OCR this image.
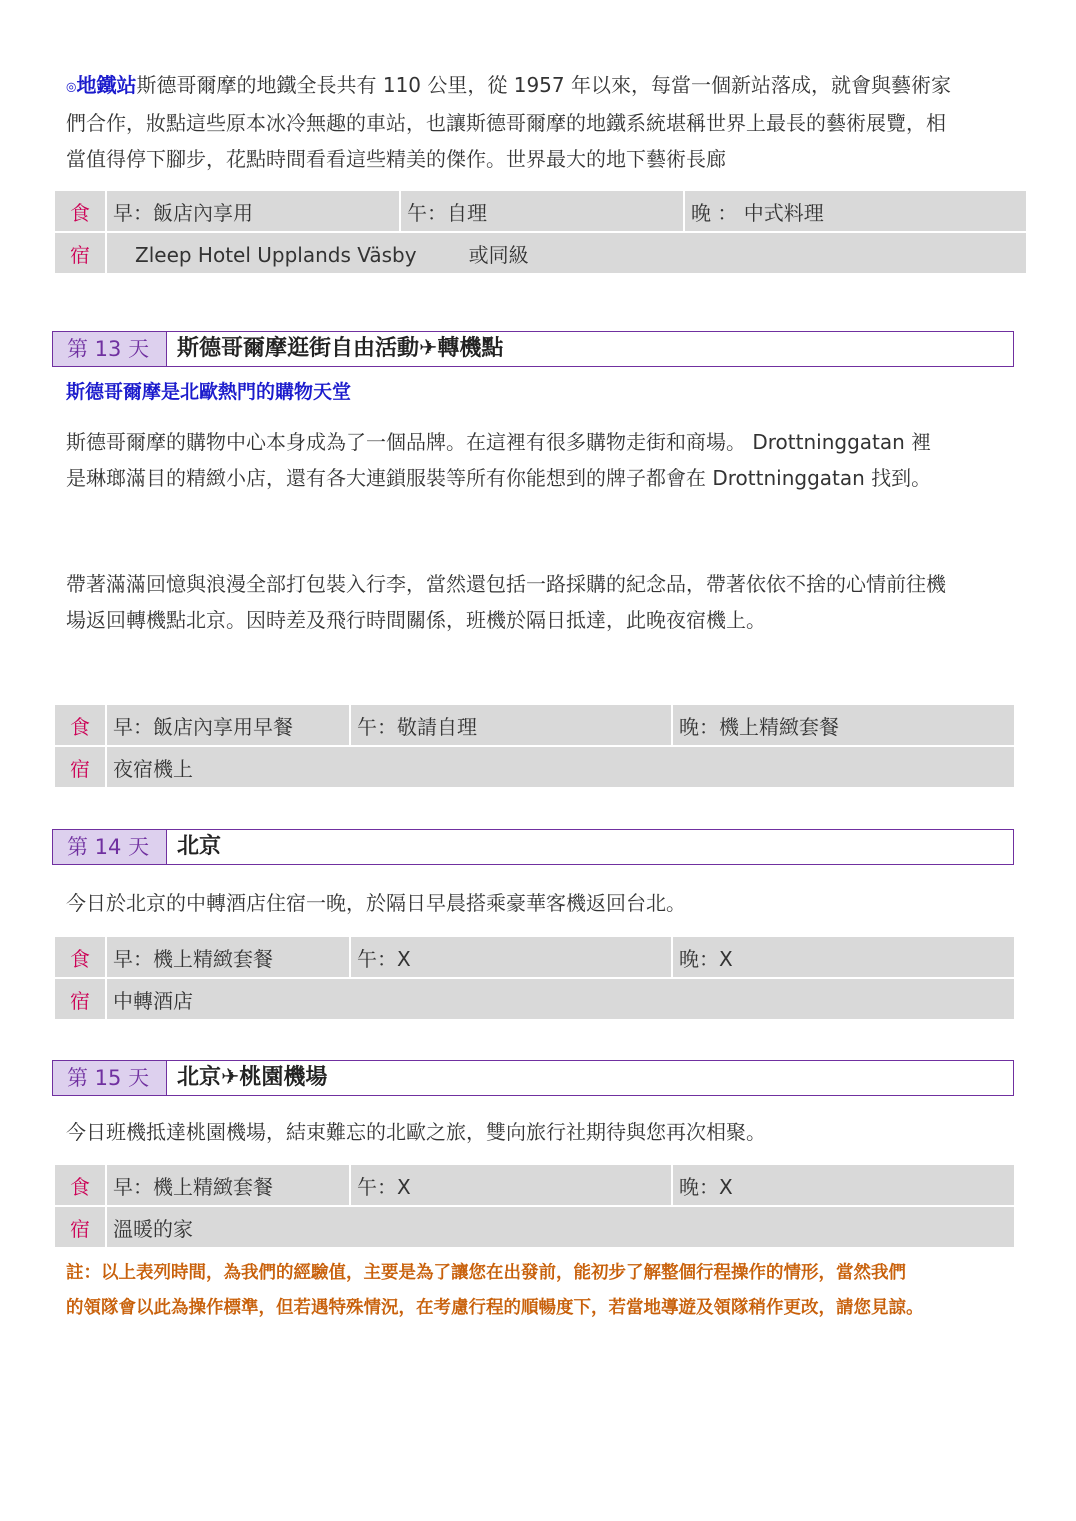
◎地鐵站斯德哥爾摩的地鐵全長共有 110 公里，從 1957 年以來，每當一個新站落成，就會與藝術家
們合作，妝點這些原本冰冷無趣的車站，也讓斯德哥爾摩的地鐵系統堪稱世界上最長的藝術展覽，相
當值得停下腳步，花點時間看看這些精美的傑作。世界最大的地下藝術長廊
食	早：飯店內享用	午：自理	晚 ： 中式料理
宿	Zleep Hotel Upplands Väsby 或同級		
第 13 天	斯德哥爾摩逛街自由活動✈轉機點
斯德哥爾摩是北歐熱門的購物天堂
斯德哥爾摩的購物中心本身成為了一個品牌。在這裡有很多購物走街和商場。 Drottninggatan 裡
是琳瑯滿目的精緻小店，還有各大連鎖服裝等所有你能想到的牌子都會在 Drottninggatan 找到。
帶著滿滿回憶與浪漫全部打包裝入行李，當然還包括一路採購的紀念品，帶著依依不捨的心情前往機
場返回轉機點北京。因時差及飛行時間關係，班機於隔日抵達，此晚夜宿機上。
食	早：飯店內享用早餐	午：敬請自理	晚：機上精緻套餐
宿	夜宿機上		
第 14 天	北京
今日於北京的中轉酒店住宿一晚，於隔日早晨搭乘豪華客機返回台北。
食	早：機上精緻套餐	午：X	晚：X
宿	中轉酒店		
第 15 天	北京✈桃園機場
今日班機抵達桃園機場，結束難忘的北歐之旅，雙向旅行社期待與您再次相聚。
食	早：機上精緻套餐	午：X	晚：X
宿	溫暖的家		
註：以上表列時間，為我們的經驗值，主要是為了讓您在出發前，能初步了解整個行程操作的情形，當然我們
的領隊會以此為操作標準，但若遇特殊情況，在考慮行程的順暢度下，若當地導遊及領隊稍作更改，請您見諒。
